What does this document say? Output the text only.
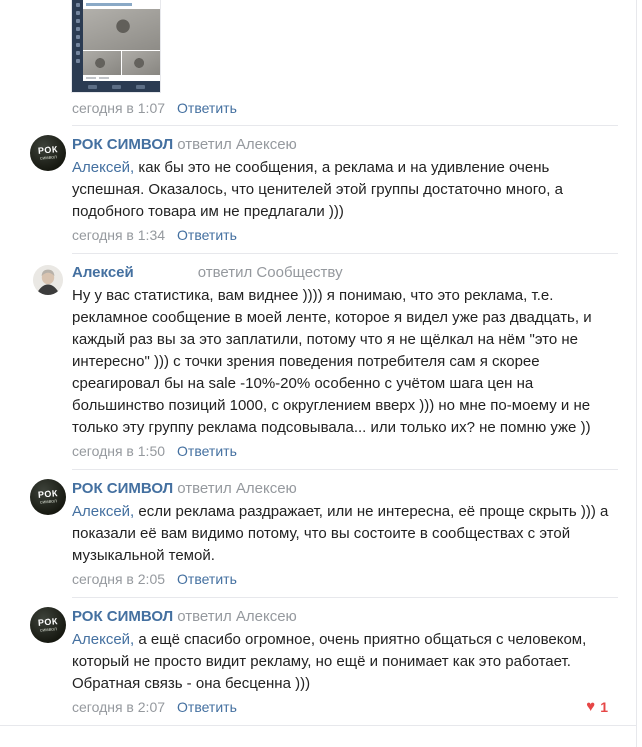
сегодня в 1:07 Ответить
РОК
символ
РОК СИМВОЛ ответил Алексею
Алексей, как бы это не сообщения, а реклама и на удивление очень успешная. Оказалось, что ценителей этой группы достаточно много, а подобного товара им не предлагали )))
сегодня в 1:34 Ответить
Алексей	ответил Сообществу
Ну у вас статистика, вам виднее )))) я понимаю, что это реклама, т.е. рекламное сообщение в моей ленте, которое я видел уже раз двадцать, и каждый раз вы за это заплатили, потому что я не щёлкал на нём "это не интересно" ))) с точки зрения поведения потребителя сам я скорее среагировал бы на sale -10%-20% особенно с учётом шага цен на большинство позиций 1000, с округлением вверх ))) но мне по-моему и не только эту группу реклама подсовывала... или только их? не помню уже ))
сегодня в 1:50 Ответить
РОК
символ
РОК СИМВОЛ ответил Алексею
Алексей, если реклама раздражает, или не интересна, её проще скрыть ))) а показали её вам видимо потому, что вы состоите в сообществах с этой музыкальной темой.
сегодня в 2:05 Ответить
РОК
символ
РОК СИМВОЛ ответил Алексею
Алексей, а ещё спасибо огромное, очень приятно общаться с человеком, который не просто видит рекламу, но ещё и понимает как это работает. Обратная связь - она бесценна )))
сегодня в 2:07 Ответить	♥ 1
